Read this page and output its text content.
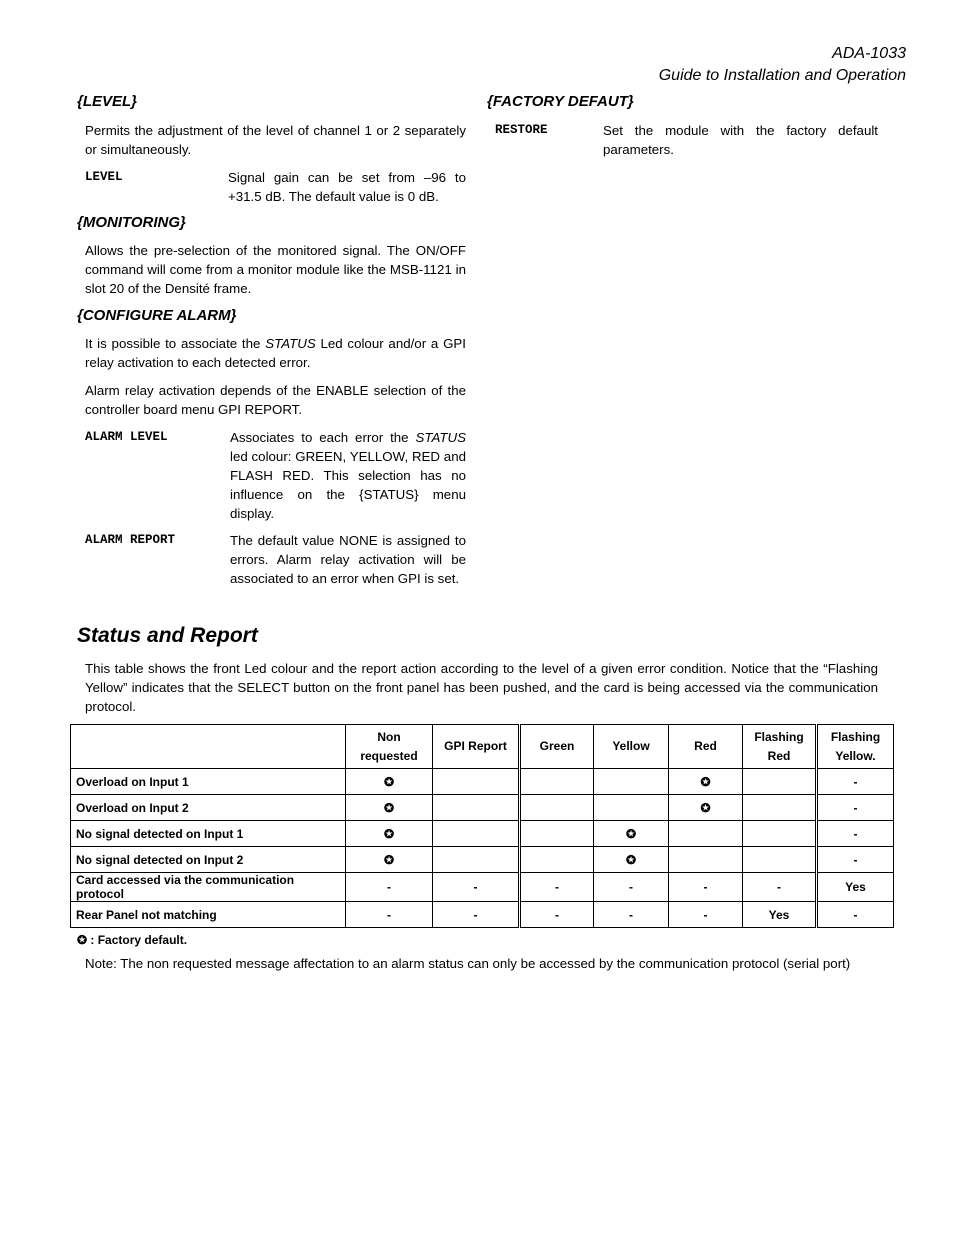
ADA-1033
Guide to Installation and Operation
{LEVEL}
Permits the adjustment of the level of channel 1 or 2 separately or simultaneously.
LEVEL	Signal gain can be set from –96 to +31.5 dB. The default value is 0 dB.
{MONITORING}
Allows the pre-selection of the monitored signal. The ON/OFF command will come from a monitor module like the MSB-1121 in slot 20 of the Densité frame.
{CONFIGURE ALARM}
It is possible to associate the STATUS Led colour and/or a GPI relay activation to each detected error.
Alarm relay activation depends of the ENABLE selection of the controller board menu GPI REPORT.
ALARM LEVEL	Associates to each error the STATUS led colour: GREEN, YELLOW, RED and FLASH RED. This selection has no influence on the {STATUS} menu display.
ALARM REPORT	The default value NONE is assigned to errors. Alarm relay activation will be associated to an error when GPI is set.
{FACTORY DEFAUT}
RESTORE	Set the module with the factory default parameters.
Status and Report
This table shows the front Led colour and the report action according to the level of a given error condition. Notice that the “Flashing Yellow” indicates that the SELECT button on the front panel has been pushed, and the card is being accessed via the communication protocol.
	Non requested	GPI Report	Green	Yellow	Red	Flashing Red	Flashing Yellow.
Overload on Input 1	✪				✪		-
Overload on Input 2	✪				✪		-
No signal detected on Input 1	✪			✪			-
No signal detected on Input 2	✪			✪			-
Card accessed via the communication protocol	-	-	-	-	-	-	Yes
Rear Panel not matching	-	-	-	-	-	Yes	-
✪ : Factory default.
Note: The non requested message affectation to an alarm status can only be accessed by the communication protocol (serial port)
